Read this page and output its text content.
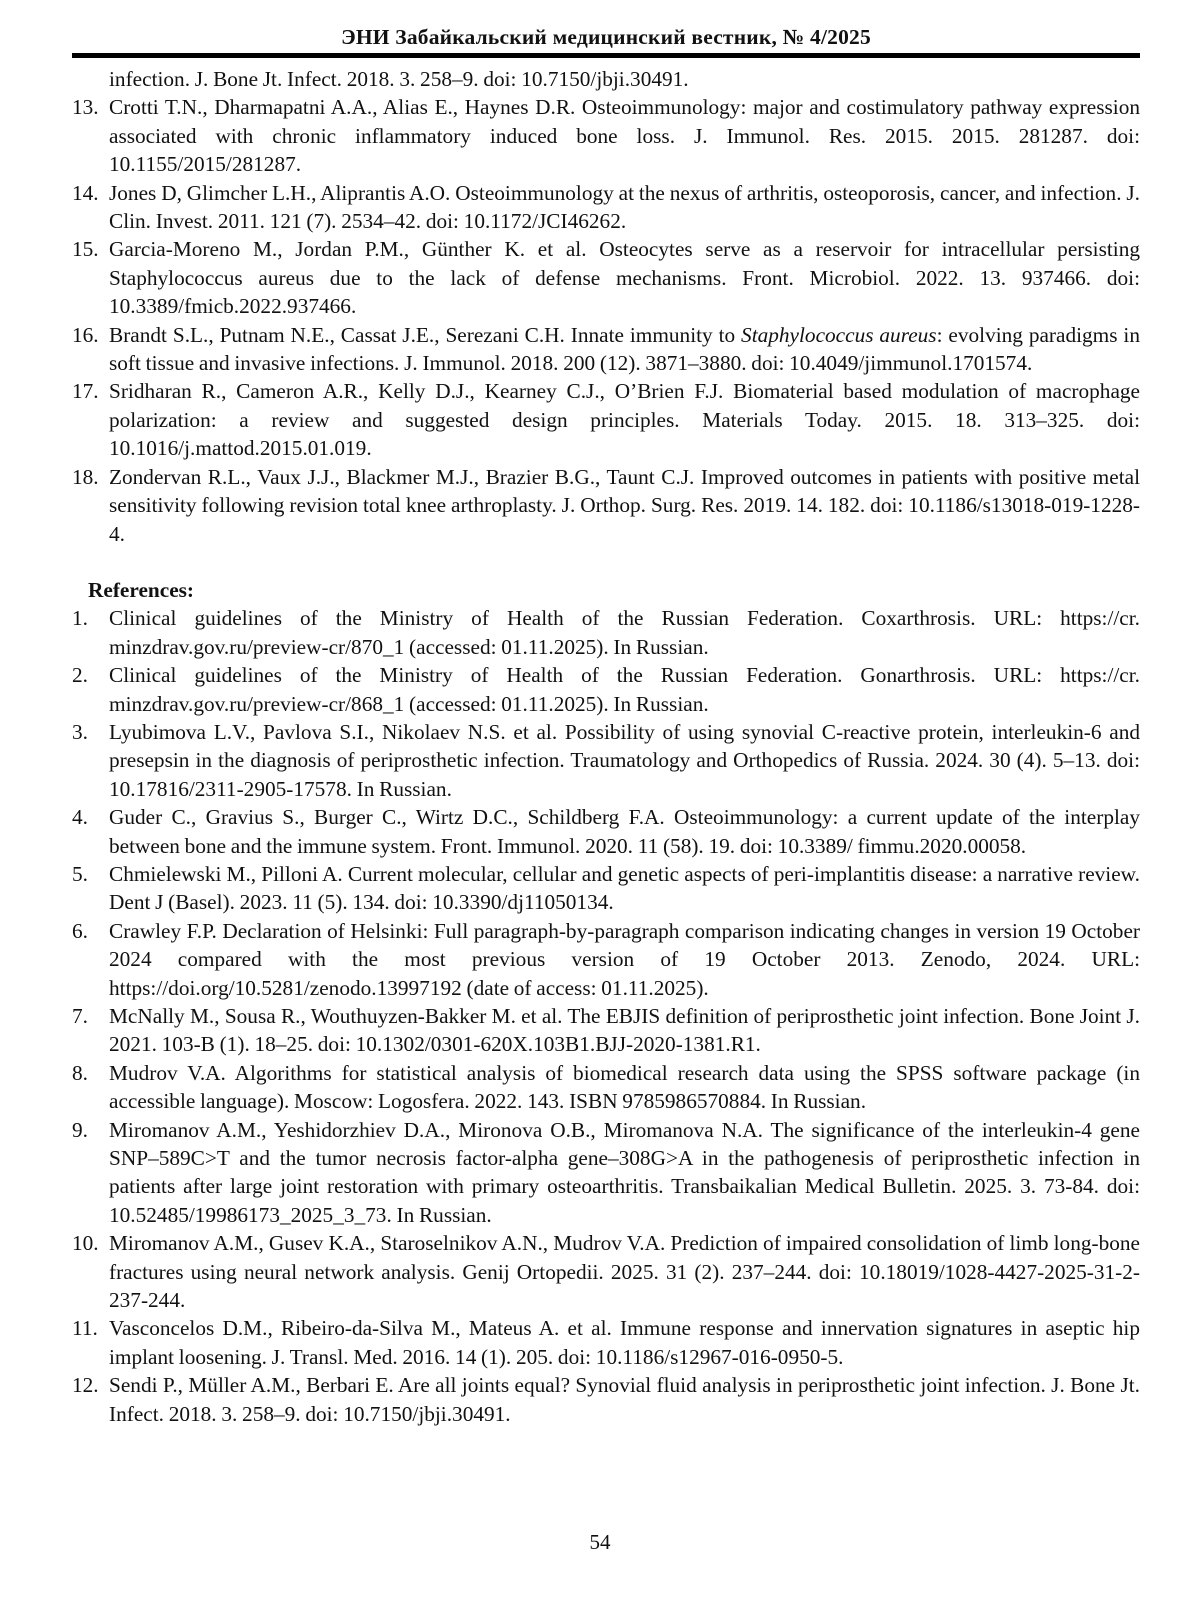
ЭНИ Забайкальский медицинский вестник, № 4/2025
infection. J. Bone Jt. Infect. 2018. 3. 258–9. doi: 10.7150/jbji.30491.
13. Crotti T.N., Dharmapatni A.A., Alias E., Haynes D.R. Osteoimmunology: major and costimulatory pathway expression associated with chronic inflammatory induced bone loss. J. Immunol. Res. 2015. 2015. 281287. doi: 10.1155/2015/281287.
14. Jones D, Glimcher L.H., Aliprantis A.O. Osteoimmunology at the nexus of arthritis, osteoporosis, cancer, and infection. J. Clin. Invest. 2011. 121 (7). 2534–42. doi: 10.1172/JCI46262.
15. Garcia-Moreno M., Jordan P.M., Günther K. et al. Osteocytes serve as a reservoir for intracellular persisting Staphylococcus aureus due to the lack of defense mechanisms. Front. Microbiol. 2022. 13. 937466. doi: 10.3389/fmicb.2022.937466.
16. Brandt S.L., Putnam N.E., Cassat J.E., Serezani C.H. Innate immunity to Staphylococcus aureus: evolving paradigms in soft tissue and invasive infections. J. Immunol. 2018. 200 (12). 3871–3880. doi: 10.4049/jimmunol.1701574.
17. Sridharan R., Cameron A.R., Kelly D.J., Kearney C.J., O’Brien F.J. Biomaterial based modulation of macrophage polarization: a review and suggested design principles. Materials Today. 2015. 18. 313–325. doi: 10.1016/j.mattod.2015.01.019.
18. Zondervan R.L., Vaux J.J., Blackmer M.J., Brazier B.G., Taunt C.J. Improved outcomes in patients with positive metal sensitivity following revision total knee arthroplasty. J. Orthop. Surg. Res. 2019. 14. 182. doi: 10.1186/s13018-019-1228-4.
References:
1. Clinical guidelines of the Ministry of Health of the Russian Federation. Coxarthrosis. URL: https://cr. minzdrav.gov.ru/preview-cr/870_1 (accessed: 01.11.2025). In Russian.
2. Clinical guidelines of the Ministry of Health of the Russian Federation. Gonarthrosis. URL: https://cr. minzdrav.gov.ru/preview-cr/868_1 (accessed: 01.11.2025). In Russian.
3. Lyubimova L.V., Pavlova S.I., Nikolaev N.S. et al. Possibility of using synovial C-reactive protein, interleukin-6 and presepsin in the diagnosis of periprosthetic infection. Traumatology and Orthopedics of Russia. 2024. 30 (4). 5–13. doi: 10.17816/2311-2905-17578. In Russian.
4. Guder C., Gravius S., Burger C., Wirtz D.C., Schildberg F.A. Osteoimmunology: a current update of the interplay between bone and the immune system. Front. Immunol. 2020. 11 (58). 19. doi: 10.3389/ fimmu.2020.00058.
5. Chmielewski M., Pilloni A. Current molecular, cellular and genetic aspects of peri-implantitis disease: a narrative review. Dent J (Basel). 2023. 11 (5). 134. doi: 10.3390/dj11050134.
6. Crawley F.P. Declaration of Helsinki: Full paragraph-by-paragraph comparison indicating changes in version 19 October 2024 compared with the most previous version of 19 October 2013. Zenodo, 2024. URL: https://doi.org/10.5281/zenodo.13997192 (date of access: 01.11.2025).
7. McNally M., Sousa R., Wouthuyzen-Bakker M. et al. The EBJIS definition of periprosthetic joint infection. Bone Joint J. 2021. 103-B (1). 18–25. doi: 10.1302/0301-620X.103B1.BJJ-2020-1381.R1.
8. Mudrov V.A. Algorithms for statistical analysis of biomedical research data using the SPSS software package (in accessible language). Moscow: Logosfera. 2022. 143. ISBN 9785986570884. In Russian.
9. Miromanov A.M., Yeshidorzhiev D.A., Mironova O.B., Miromanova N.A. The significance of the interleukin-4 gene SNP–589C>T and the tumor necrosis factor-alpha gene–308G>A in the pathogenesis of periprosthetic infection in patients after large joint restoration with primary osteoarthritis. Transbaikalian Medical Bulletin. 2025. 3. 73-84. doi: 10.52485/19986173_2025_3_73. In Russian.
10. Miromanov A.M., Gusev K.A., Staroselnikov A.N., Mudrov V.A. Prediction of impaired consolidation of limb long-bone fractures using neural network analysis. Genij Ortopedii. 2025. 31 (2). 237–244. doi: 10.18019/1028-4427-2025-31-2-237-244.
11. Vasconcelos D.M., Ribeiro-da-Silva M., Mateus A. et al. Immune response and innervation signatures in aseptic hip implant loosening. J. Transl. Med. 2016. 14 (1). 205. doi: 10.1186/s12967-016-0950-5.
12. Sendi P., Müller A.M., Berbari E. Are all joints equal? Synovial fluid analysis in periprosthetic joint infection. J. Bone Jt. Infect. 2018. 3. 258–9. doi: 10.7150/jbji.30491.
54
